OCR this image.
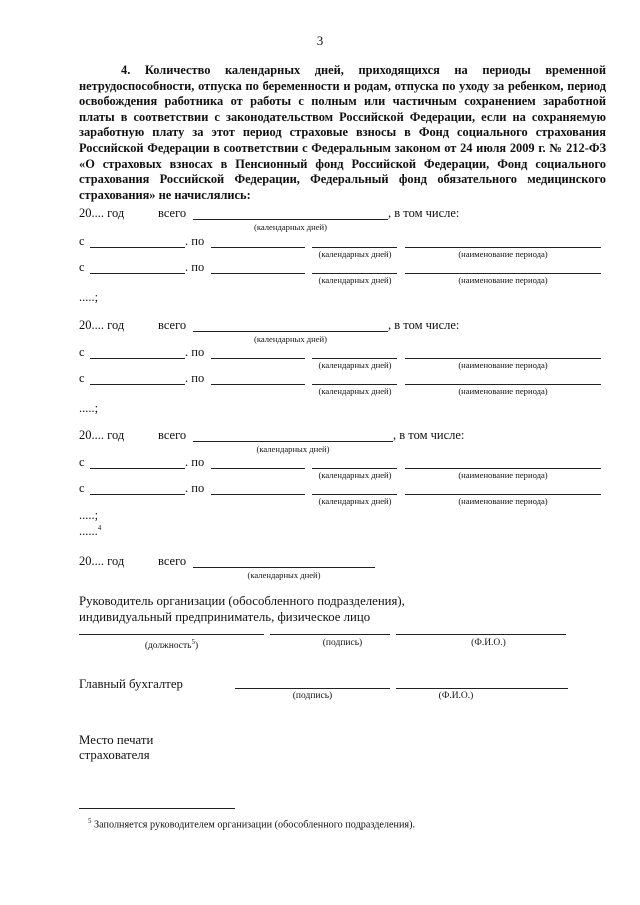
3
4. Количество календарных дней, приходящихся на периоды временной нетрудоспособности, отпуска по беременности и родам, отпуска по уходу за ребенком, период освобождения работника от работы с полным или частичным сохранением заработной платы в соответствии с законодательством Российской Федерации, если на сохраняемую заработную плату за этот период страховые взносы в Фонд социального страхования Российской Федерации в соответствии с Федеральным законом от 24 июля 2009 г. № 212-ФЗ «О страховых взносах в Пенсионный фонд Российской Федерации, Фонд социального страхования Российской Федерации, Федеральный фонд обязательного медицинского страхования» не начислялись:
20.... год	всего	, в том числе:
(календарных дней)
с	. по
(календарных дней)	(наименование периода)
с	. по
(календарных дней)	(наименование периода)
.....;
20.... год	всего	, в том числе:
(календарных дней)
с	. по
(календарных дней)	(наименование периода)
с	. по
(календарных дней)	(наименование периода)
.....;
20.... год	всего	, в том числе:
(календарных дней)
с	. по
(календарных дней)	(наименование периода)
с	. по
(календарных дней)	(наименование периода)
.....;
......$^4$
20.... год	всего
(календарных дней)
Руководитель организации (обособленного подразделения),
индивидуальный предприниматель, физическое лицо
(должность$^5$)	(подпись)	(Ф.И.О.)
Главный бухгалтер
(подпись)	(Ф.И.О.)
Место печати
страхователя
$^5$ Заполняется руководителем организации (обособленного подразделения).
